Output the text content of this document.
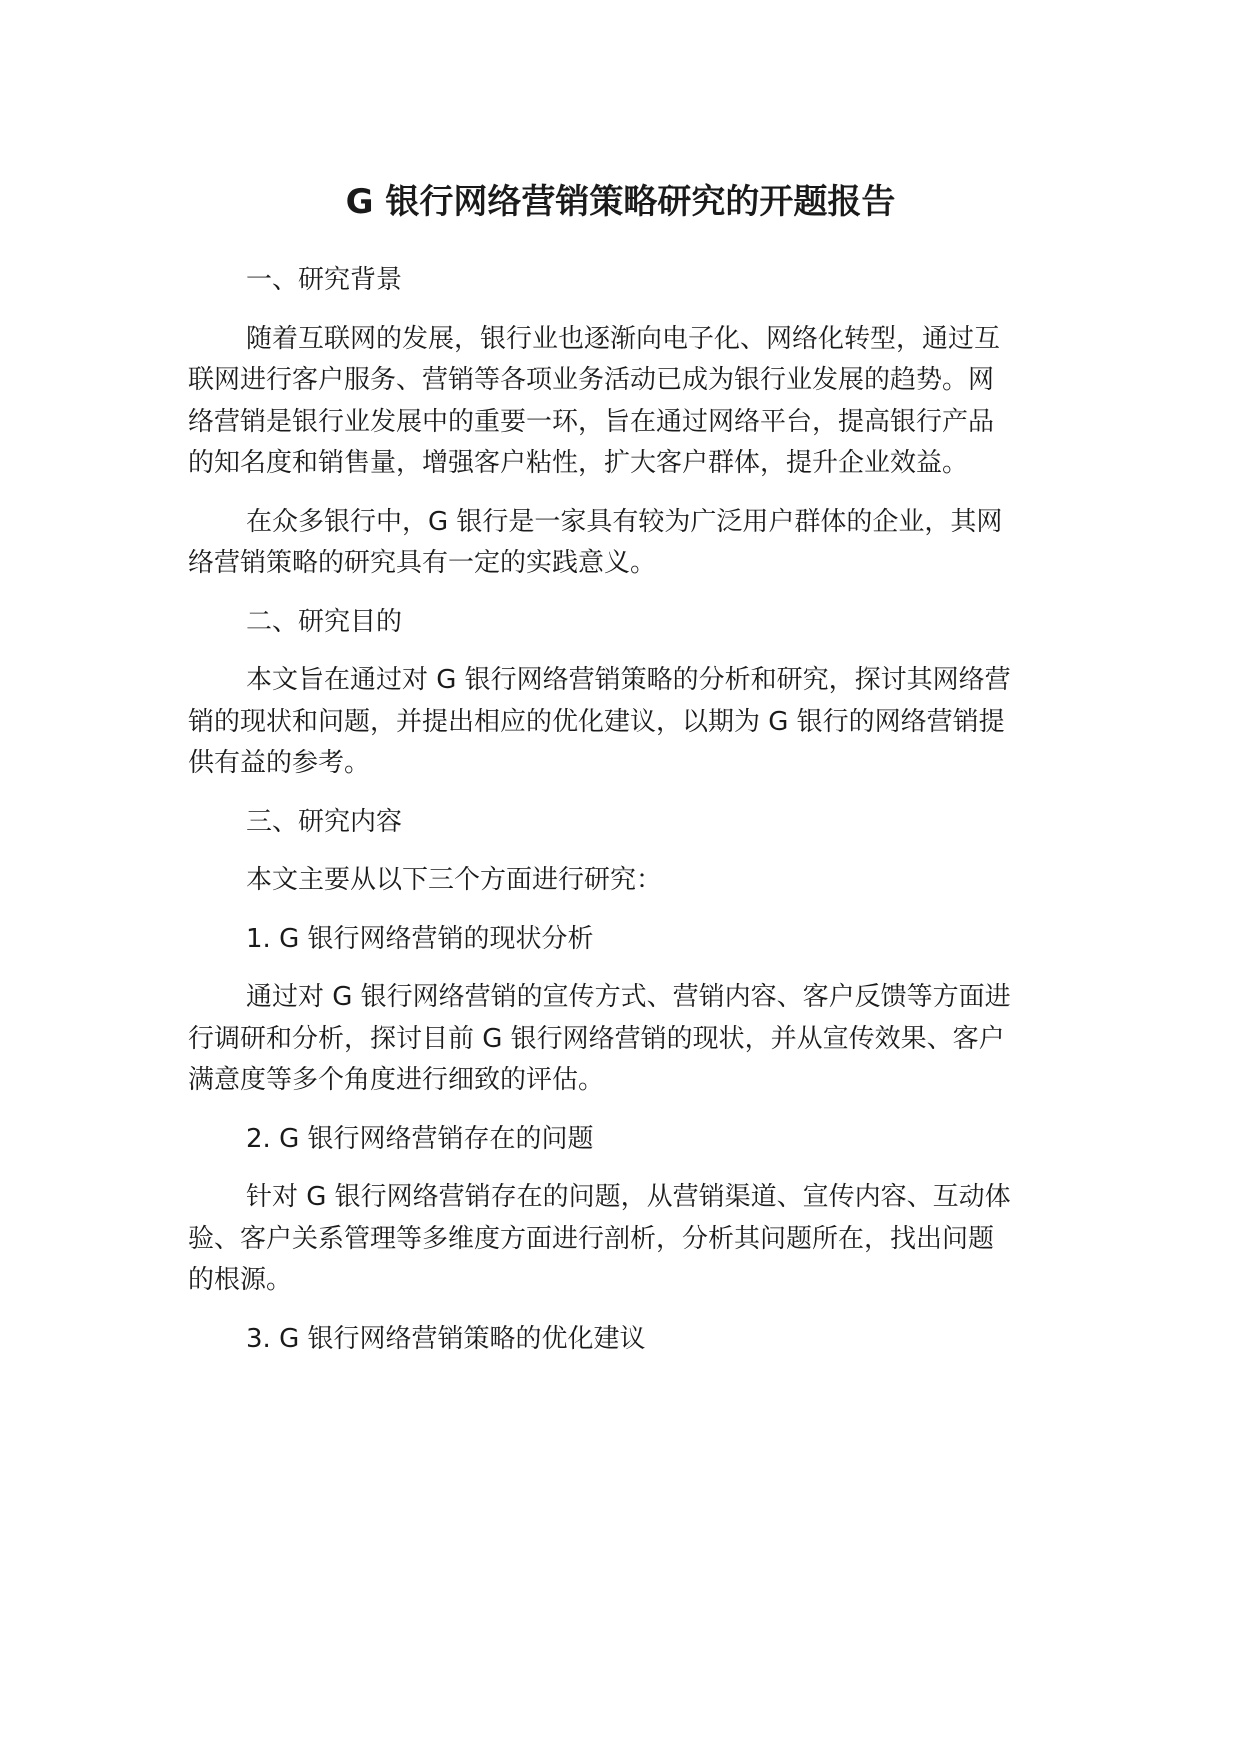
G 银行网络营销策略研究的开题报告

一、研究背景

随着互联网的发展，银行业也逐渐向电子化、网络化转型，通过互

联网进行客户服务、营销等各项业务活动已成为银行业发展的趋势。网

络营销是银行业发展中的重要一环，旨在通过网络平台，提高银行产品

的知名度和销售量，增强客户粘性，扩大客户群体，提升企业效益。

在众多银行中，G 银行是一家具有较为广泛用户群体的企业，其网

络营销策略的研究具有一定的实践意义。

二、研究目的

本文旨在通过对 G 银行网络营销策略的分析和研究，探讨其网络营

销的现状和问题，并提出相应的优化建议，以期为 G 银行的网络营销提

供有益的参考。

三、研究内容

本文主要从以下三个方面进行研究：

1. G 银行网络营销的现状分析

通过对 G 银行网络营销的宣传方式、营销内容、客户反馈等方面进

行调研和分析，探讨目前 G 银行网络营销的现状，并从宣传效果、客户

满意度等多个角度进行细致的评估。

2. G 银行网络营销存在的问题

针对 G 银行网络营销存在的问题，从营销渠道、宣传内容、互动体

验、客户关系管理等多维度方面进行剖析，分析其问题所在，找出问题

的根源。

3. G 银行网络营销策略的优化建议
